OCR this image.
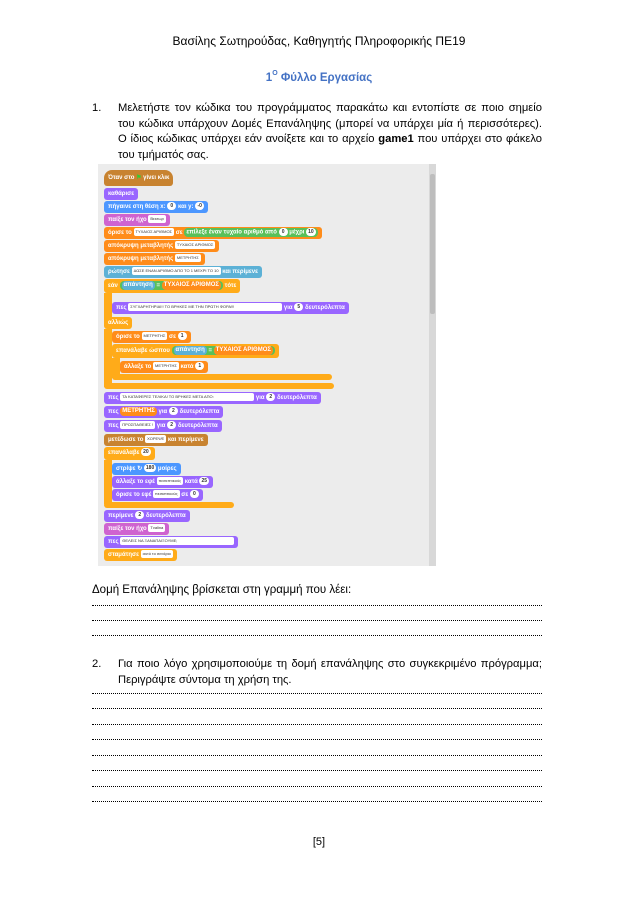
Βασίλης Σωτηρούδας, Καθηγητής Πληροφορικής ΠΕ19
$1^O$ Φύλλο Εργασίας
1. Μελετήστε τον κώδικα του προγράμματος παρακάτω και εντοπίστε σε ποιο σημείο του κώδικα υπάρχουν Δομές Επανάληψης (μπορεί να υπάρχει μία ή περισσότερες). Ο ίδιος κώδικας υπάρχει εάν ανοίξετε και το αρχείο game1 που υπάρχει στο φάκελο του τμήματός σας.
Όταν στο ⚑ γίνει κλικ
καθάρισε
πήγαινε στη θέση x: 0 και y: -0
παίξε τον ήχο Βεκτωρ
όρισε το ΤΥΧΑΙΟΣ ΑΡΙΘΜΟΣ σε επίλεξε έναν τυχαίο αριθμό από 0 μέχρι 10
απόκρυψη μεταβλητής ΤΥΧΑΙΟΣ ΑΡΙΘΜΟΣ
απόκρυψη μεταβλητής ΜΕΤΡΗΤΗΣ
ρώτησε ΔΩΣΕ ΕΝΑΝ ΑΡΙΘΜΟ ΑΠΟ ΤΟ 1 ΜΕΧΡΙ ΤΟ 10 και περίμενε
εάν απάντηση = ΤΥΧΑΙΟΣ ΑΡΙΘΜΟΣ τότε
πες ΣΥΓΧΑΡΗΤΗΡΙΑ!!! ΤΟ ΒΡΗΚΕΣ ΜΕ ΤΗΝ ΠΡΩΤΗ ΦΟΡΑ!!!	για 5 δευτερόλεπτα
αλλιώς
όρισε το ΜΕΤΡΗΤΗΣ σε 1
επανάλαβε ώσπου απάντηση = ΤΥΧΑΙΟΣ ΑΡΙΘΜΟΣ
άλλαξε το ΜΕΤΡΗΤΗΣ κατά 1
πες ΤΑ ΚΑΤΑΦΕΡΕΣ ΤΕΛΙΚΑ! ΤΟ ΒΡΗΚΕΣ ΜΕΤΑ ΑΠΟ:	για 2 δευτερόλεπτα
πες ΜΕΤΡΗΤΗΣ για 2 δευτερόλεπτα
πες ΠΡΟΣΠΑΘΕΙΕΣ ! για 2 δευτερόλεπτα
μετέδωσε το ΧΟΡΕΨΕ και περίμενε
επανάλαβε 20
στρίψε ↻ 180 μοίρες
άλλαξε το εφέ πεσκπτικούς κατά 25
όρισε το εφέ πεσκπτικούς σε 0
περίμενε 2 δευτερόλεπτα
παίξε τον ήχο Τvalina
πες ΘΕΛΕΙΣ ΝΑ ΞΑΝΑΠΑΙΞΟΥΜΕ;
σταμάτησε αυτό το σενάριο
Δομή Επανάληψης βρίσκεται στη γραμμή που λέει:
2. Για ποιο λόγο χρησιμοποιούμε τη δομή επανάληψης στο συγκεκριμένο πρόγραμμα; Περιγράψτε σύντομα τη χρήση της.
[5]
